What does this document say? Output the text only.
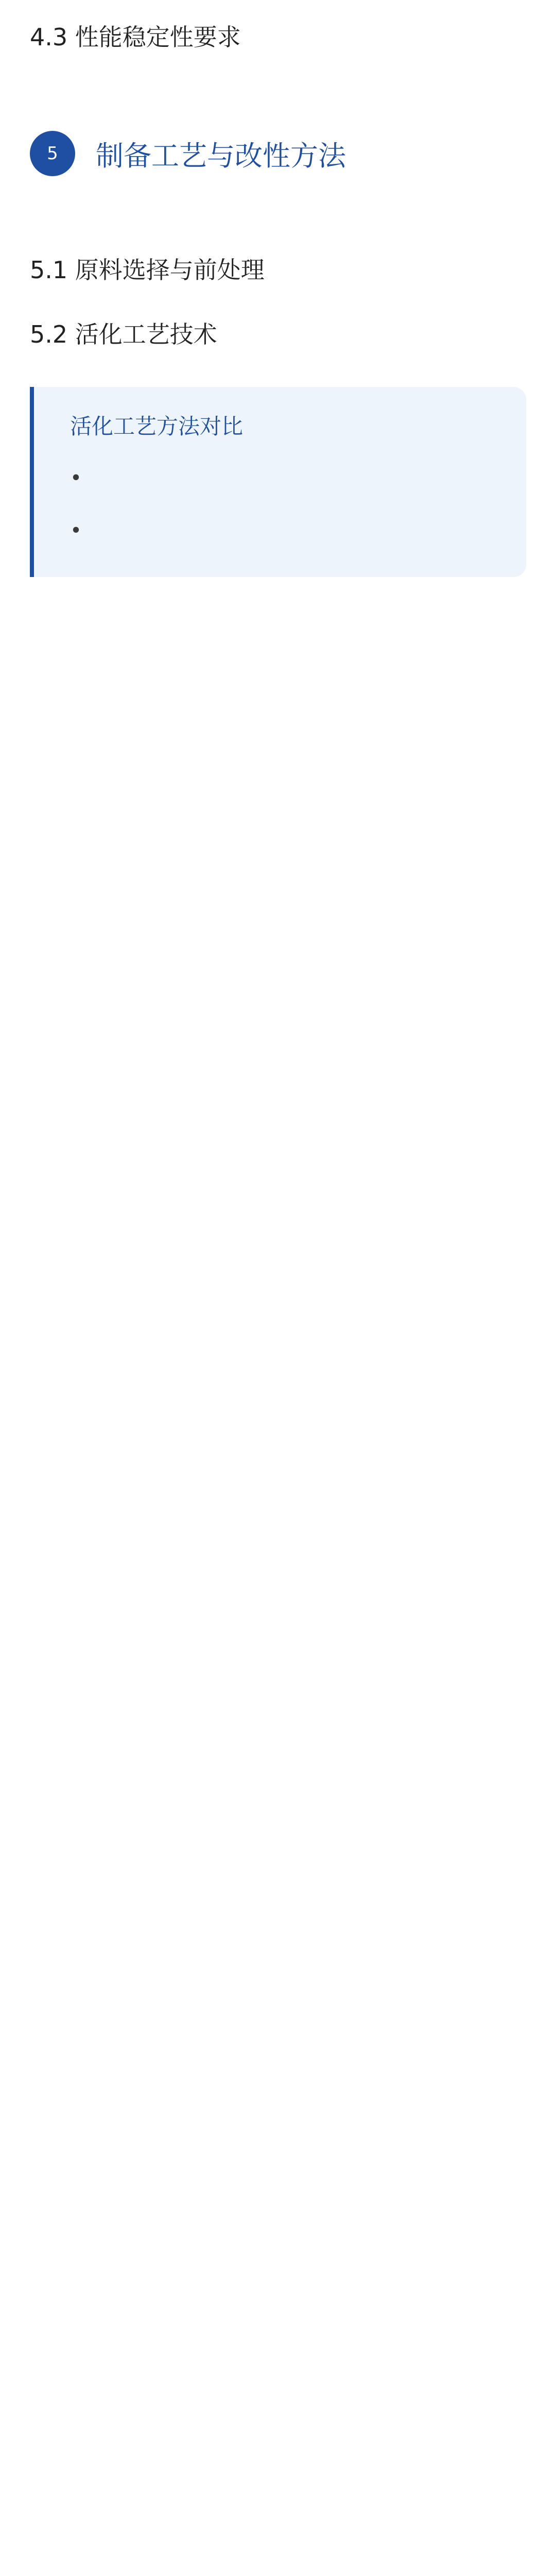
4.3 性能稳定性要求

5	制备工艺与改性方法
5.1 原料选择与前处理

5.2 活化工艺技术

活化工艺方法对比
•
•
